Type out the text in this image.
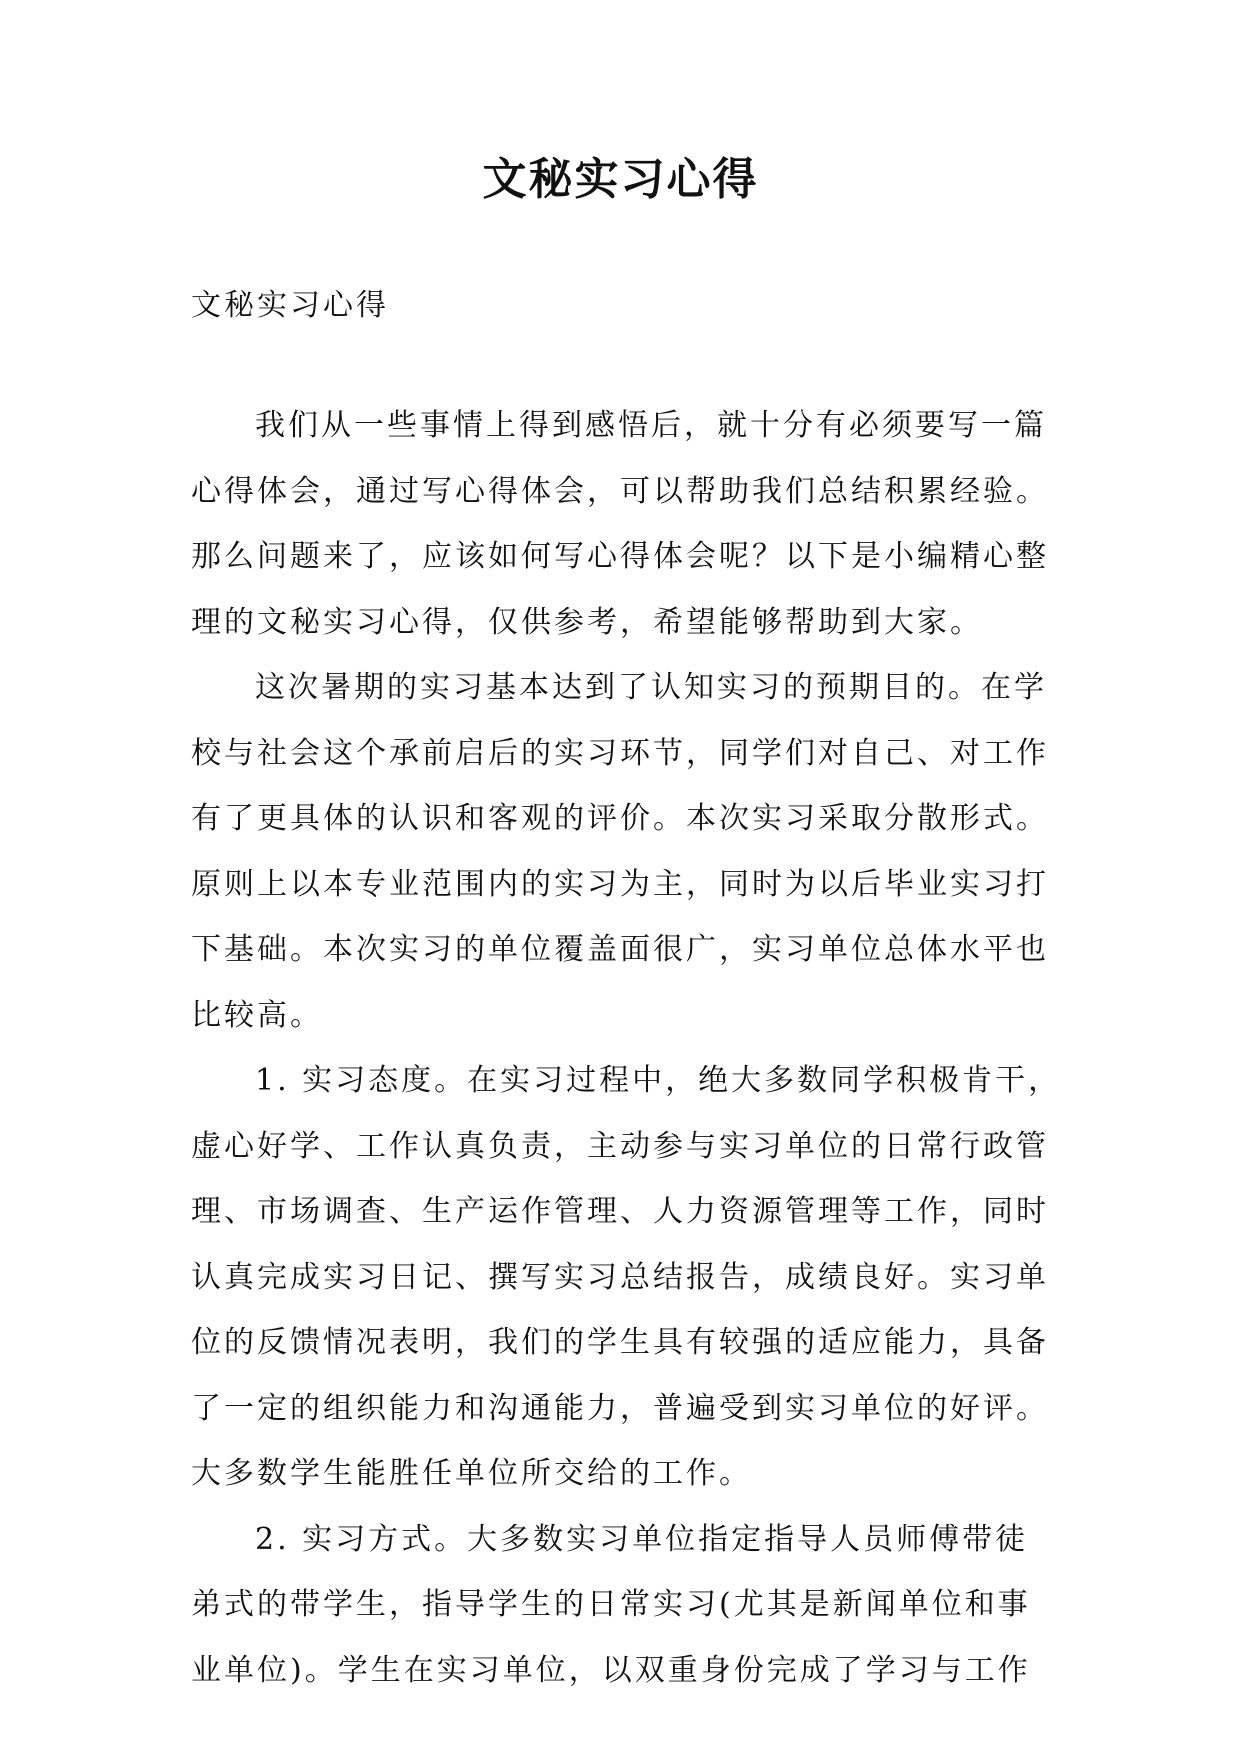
文秘实习心得

文秘实习心得

我们从一些事情上得到感悟后，就十分有必须要写一篇
心得体会，通过写心得体会，可以帮助我们总结积累经验。
那么问题来了，应该如何写心得体会呢？以下是小编精心整
理的文秘实习心得，仅供参考，希望能够帮助到大家。
这次暑期的实习基本达到了认知实习的预期目的。在学
校与社会这个承前启后的实习环节，同学们对自己、对工作
有了更具体的认识和客观的评价。本次实习采取分散形式。
原则上以本专业范围内的实习为主，同时为以后毕业实习打
下基础。本次实习的单位覆盖面很广，实习单位总体水平也
比较高。
1. 实习态度。在实习过程中，绝大多数同学积极肯干，
虚心好学、工作认真负责，主动参与实习单位的日常行政管
理、市场调查、生产运作管理、人力资源管理等工作，同时
认真完成实习日记、撰写实习总结报告，成绩良好。实习单
位的反馈情况表明，我们的学生具有较强的适应能力，具备
了一定的组织能力和沟通能力，普遍受到实习单位的好评。
大多数学生能胜任单位所交给的工作。
2. 实习方式。大多数实习单位指定指导人员师傅带徒
弟式的带学生，指导学生的日常实习(尤其是新闻单位和事
业单位)。学生在实习单位，以双重身份完成了学习与工作
